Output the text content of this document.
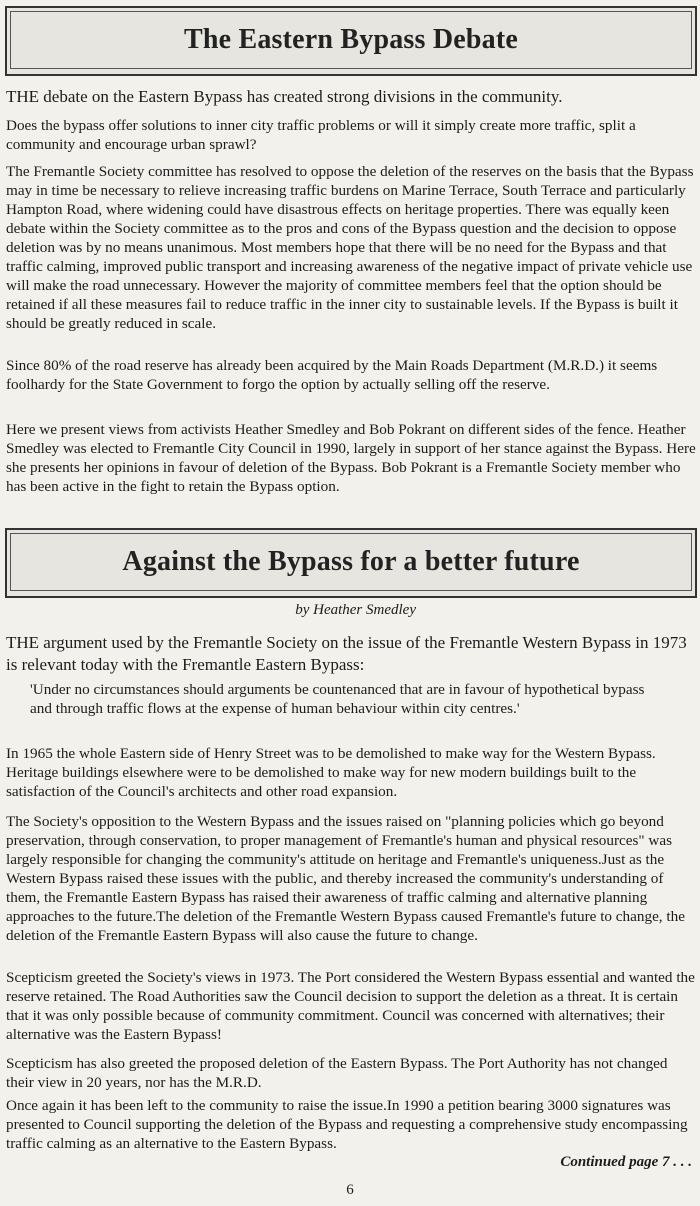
The Eastern Bypass Debate

THE debate on the Eastern Bypass has created strong divisions in the community.

Does the bypass offer solutions to inner city traffic problems or will it simply create more traffic, split a community and encourage urban sprawl?

The Fremantle Society committee has resolved to oppose the deletion of the reserves on the basis that the Bypass may in time be necessary to relieve increasing traffic burdens on Marine Terrace, South Terrace and particularly Hampton Road, where widening could have disastrous effects on heritage properties. There was equally keen debate within the Society committee as to the pros and cons of the Bypass question and the decision to oppose deletion was by no means unanimous. Most members hope that there will be no need for the Bypass and that traffic calming, improved public transport and increasing awareness of the negative impact of private vehicle use will make the road unnecessary. However the majority of committee members feel that the option should be retained if all these measures fail to reduce traffic in the inner city to sustainable levels. If the Bypass is built it should be greatly reduced in scale.

Since 80% of the road reserve has already been acquired by the Main Roads Department (M.R.D.) it seems foolhardy for the State Government to forgo the option by actually selling off the reserve.

Here we present views from activists Heather Smedley and Bob Pokrant on different sides of the fence. Heather Smedley was elected to Fremantle City Council in 1990, largely in support of her stance against the Bypass. Here she presents her opinions in favour of deletion of the Bypass. Bob Pokrant is a Fremantle Society member who has been active in the fight to retain the Bypass option.

Against the Bypass for a better future
by Heather Smedley

THE argument used by the Fremantle Society on the issue of the Fremantle Western Bypass in 1973 is relevant today with the Fremantle Eastern Bypass:

'Under no circumstances should arguments be countenanced that are in favour of hypothetical bypass and through traffic flows at the expense of human behaviour within city centres.'

In 1965 the whole Eastern side of Henry Street was to be demolished to make way for the Western Bypass. Heritage buildings elsewhere were to be demolished to make way for new modern buildings built to the satisfaction of the Council's architects and other road expansion.

The Society's opposition to the Western Bypass and the issues raised on "planning policies which go beyond preservation, through conservation, to proper management of Fremantle's human and physical resources" was largely responsible for changing the community's attitude on heritage and Fremantle's uniqueness.Just as the Western Bypass raised these issues with the public, and thereby increased the community's understanding of them, the Fremantle Eastern Bypass has raised their awareness of traffic calming and alternative planning approaches to the future.The deletion of the Fremantle Western Bypass caused Fremantle's future to change, the deletion of the Fremantle Eastern Bypass will also cause the future to change.

Scepticism greeted the Society's views in 1973. The Port considered the Western Bypass essential and wanted the reserve retained. The Road Authorities saw the Council decision to support the deletion as a threat. It is certain that it was only possible because of community commitment. Council was concerned with alternatives; their alternative was the Eastern Bypass!

Scepticism has also greeted the proposed deletion of the Eastern Bypass. The Port Authority has not changed their view in 20 years, nor has the M.R.D.

Once again it has been left to the community to raise the issue.In 1990 a petition bearing 3000 signatures was presented to Council supporting the deletion of the Bypass and requesting a comprehensive study encompassing traffic calming as an alternative to the Eastern Bypass.

Continued page 7 . . .
6
